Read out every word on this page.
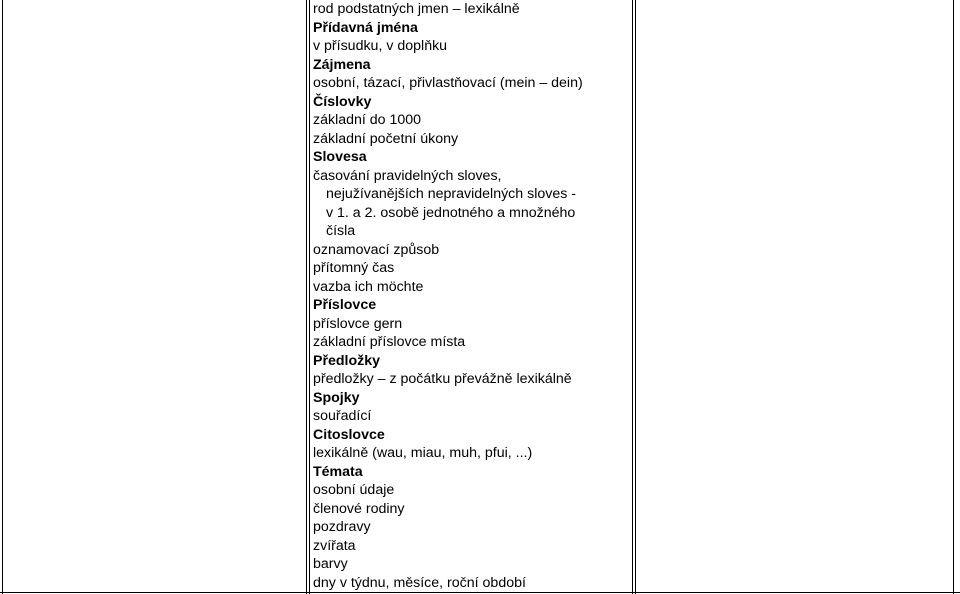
rod podstatných jmen – lexikálně
Přídavná jména
v přísudku, v doplňku
Zájmena
osobní, tázací, přivlastňovací (mein – dein)
Číslovky
základní do 1000
základní početní úkony
Slovesa
časování pravidelných sloves,
nejužívanějších nepravidelných sloves -
v 1. a 2. osobě jednotného a množného
čísla
oznamovací způsob
přítomný čas
vazba ich möchte
Příslovce
příslovce gern
základní příslovce místa
Předložky
předložky – z počátku převážně lexikálně
Spojky
souřadící
Citoslovce
lexikálně (wau, miau, muh, pfui, ...)
Témata
osobní údaje
členové rodiny
pozdravy
zvířata
barvy
dny v týdnu, měsíce, roční období
